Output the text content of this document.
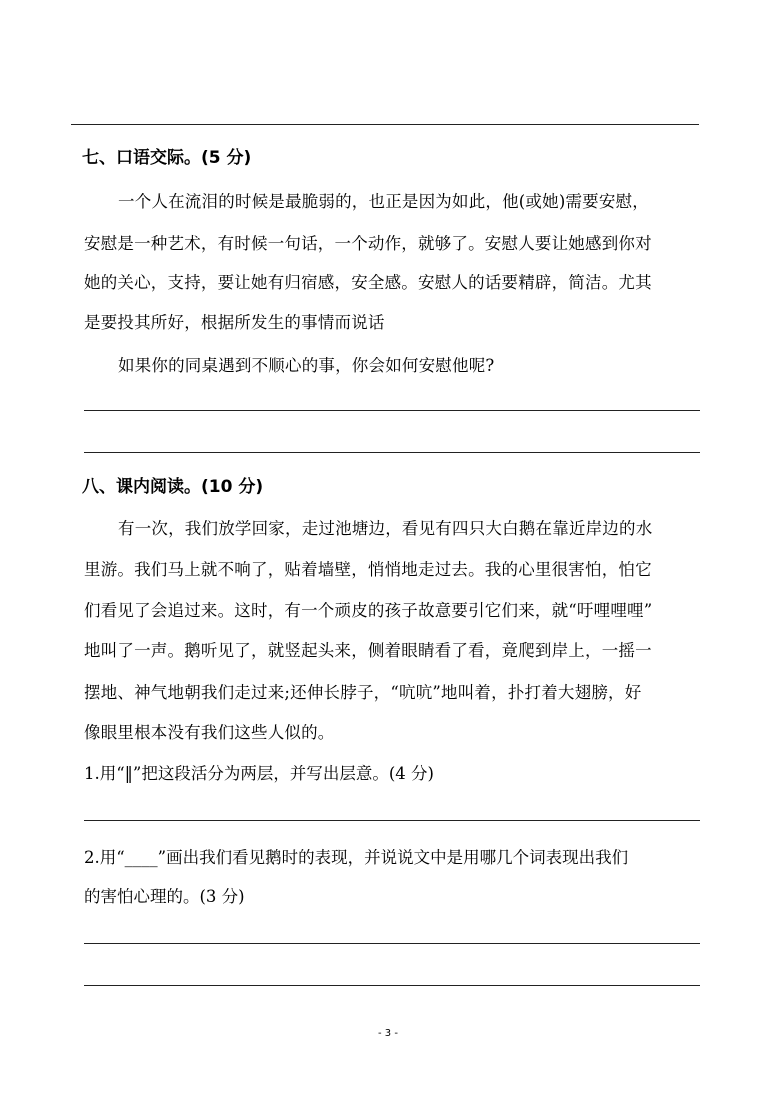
七、口语交际。(5 分)
一个人在流泪的时候是最脆弱的，也正是因为如此，他(或她)需要安慰，
安慰是一种艺术，有时候一句话，一个动作，就够了。安慰人要让她感到你对
她的关心，支持，要让她有归宿感，安全感。安慰人的话要精辟，简洁。尤其
是要投其所好，根据所发生的事情而说话
如果你的同桌遇到不顺心的事，你会如何安慰他呢?
八、课内阅读。(10 分)
有一次，我们放学回家，走过池塘边，看见有四只大白鹅在靠近岸边的水
里游。我们马上就不响了，贴着墙壁，悄悄地走过去。我的心里很害怕，怕它
们看见了会追过来。这时，有一个顽皮的孩子故意要引它们来，就“吁哩哩哩”
地叫了一声。鹅听见了，就竖起头来，侧着眼睛看了看，竟爬到岸上，一摇一
摆地、神气地朝我们走过来;还伸长脖子，“吭吭”地叫着，扑打着大翅膀，好
像眼里根本没有我们这些人似的。
1.用“‖”把这段活分为两层，并写出层意。(4 分)
2.用“____”画出我们看见鹅时的表现，并说说文中是用哪几个词表现出我们
的害怕心理的。(3 分)
- 3 -
